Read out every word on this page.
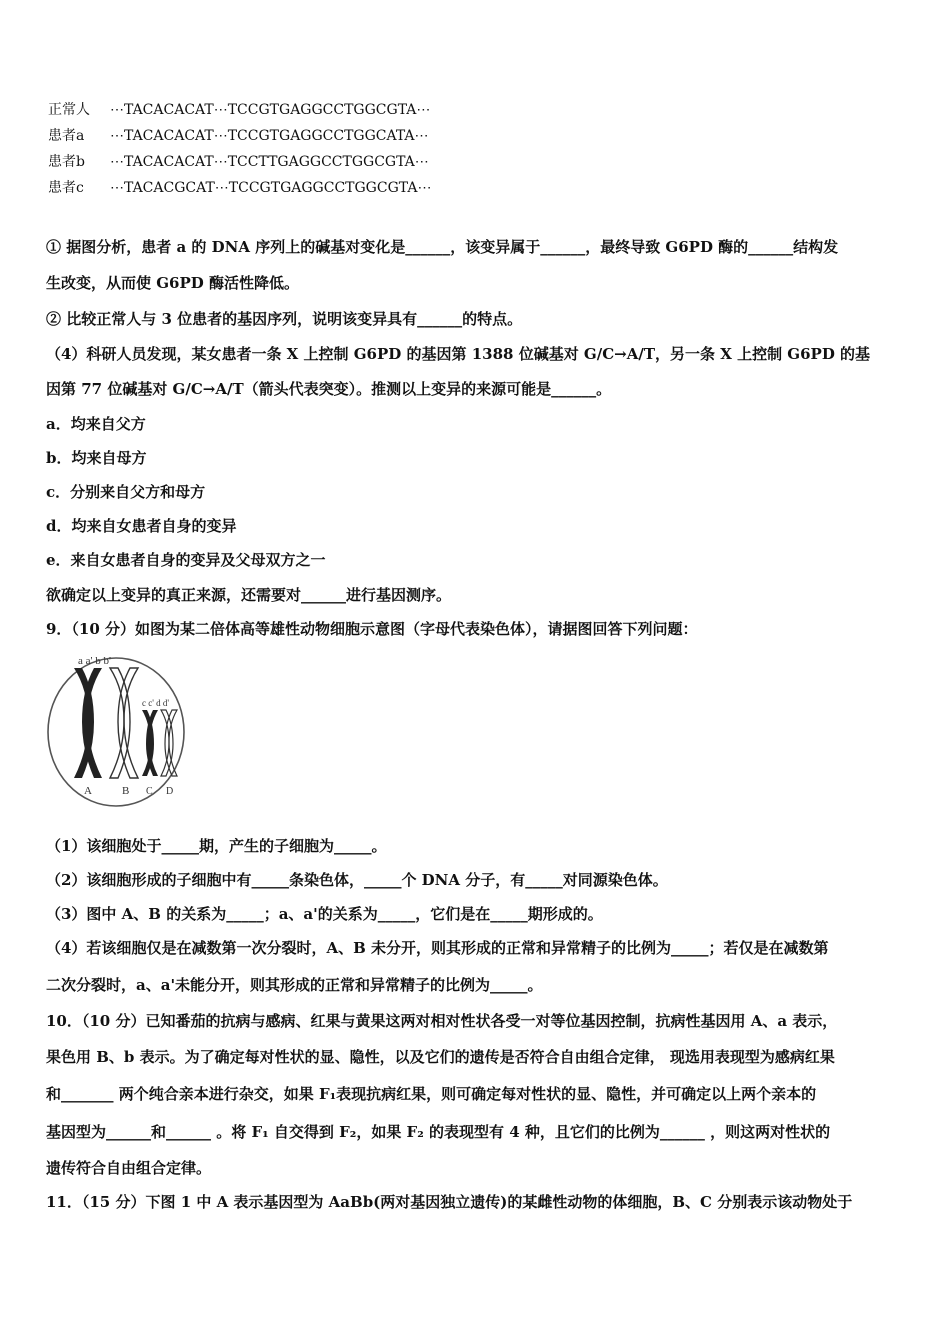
正常人 ⋯TACACACAT⋯TCCGTGAGGCCTGGCGTA⋯
患者a ⋯TACACACAT⋯TCCGTGAGGCCTGGCATA⋯
患者b ⋯TACACACAT⋯TCCTTGAGGCCTGGCGTA⋯
患者c ⋯TACACGCAT⋯TCCGTGAGGCCTGGCGTA⋯
① 据图分析，患者 a 的 DNA 序列上的碱基对变化是______，该变异属于______，最终导致 G6PD 酶的______结构发
生改变，从而使 G6PD 酶活性降低。
② 比较正常人与 3 位患者的基因序列，说明该变异具有______的特点。
（4）科研人员发现，某女患者一条 X 上控制 G6PD 的基因第 1388 位碱基对 G/C→A/T，另一条 X 上控制 G6PD 的基
因第 77 位碱基对 G/C→A/T（箭头代表突变）。推测以上变异的来源可能是______。
a．均来自父方
b．均来自母方
c．分别来自父方和母方
d．均来自女患者自身的变异
e．来自女患者自身的变异及父母双方之一
欲确定以上变异的真正来源，还需要对______进行基因测序。
9．（10 分）如图为某二倍体高等雄性动物细胞示意图（字母代表染色体），请据图回答下列问题：
a a' b b'
c c' d d'
A	B C D
（1）该细胞处于_____期，产生的子细胞为_____。
（2）该细胞形成的子细胞中有_____条染色体，_____个 DNA 分子，有_____对同源染色体。
（3）图中 A、B 的关系为_____；a、a'的关系为_____，它们是在_____期形成的。
（4）若该细胞仅是在减数第一次分裂时，A、B 未分开，则其形成的正常和异常精子的比例为_____；若仅是在减数第
二次分裂时，a、a'未能分开，则其形成的正常和异常精子的比例为_____。
10．（10 分）已知番茄的抗病与感病、红果与黄果这两对相对性状各受一对等位基因控制，抗病性基因用 A、a 表示，
果色用 B、b 表示。为了确定每对性状的显、隐性，以及它们的遗传是否符合自由组合定律， 现选用表现型为感病红果
和_______ 两个纯合亲本进行杂交，如果 F₁表现抗病红果，则可确定每对性状的显、隐性，并可确定以上两个亲本的
基因型为______和______ 。将 F₁ 自交得到 F₂，如果 F₂ 的表现型有 4 种，且它们的比例为______ ，则这两对性状的
遗传符合自由组合定律。
11．（15 分）下图 1 中 A 表示基因型为 AaBb(两对基因独立遗传)的某雌性动物的体细胞，B、C 分别表示该动物处于
